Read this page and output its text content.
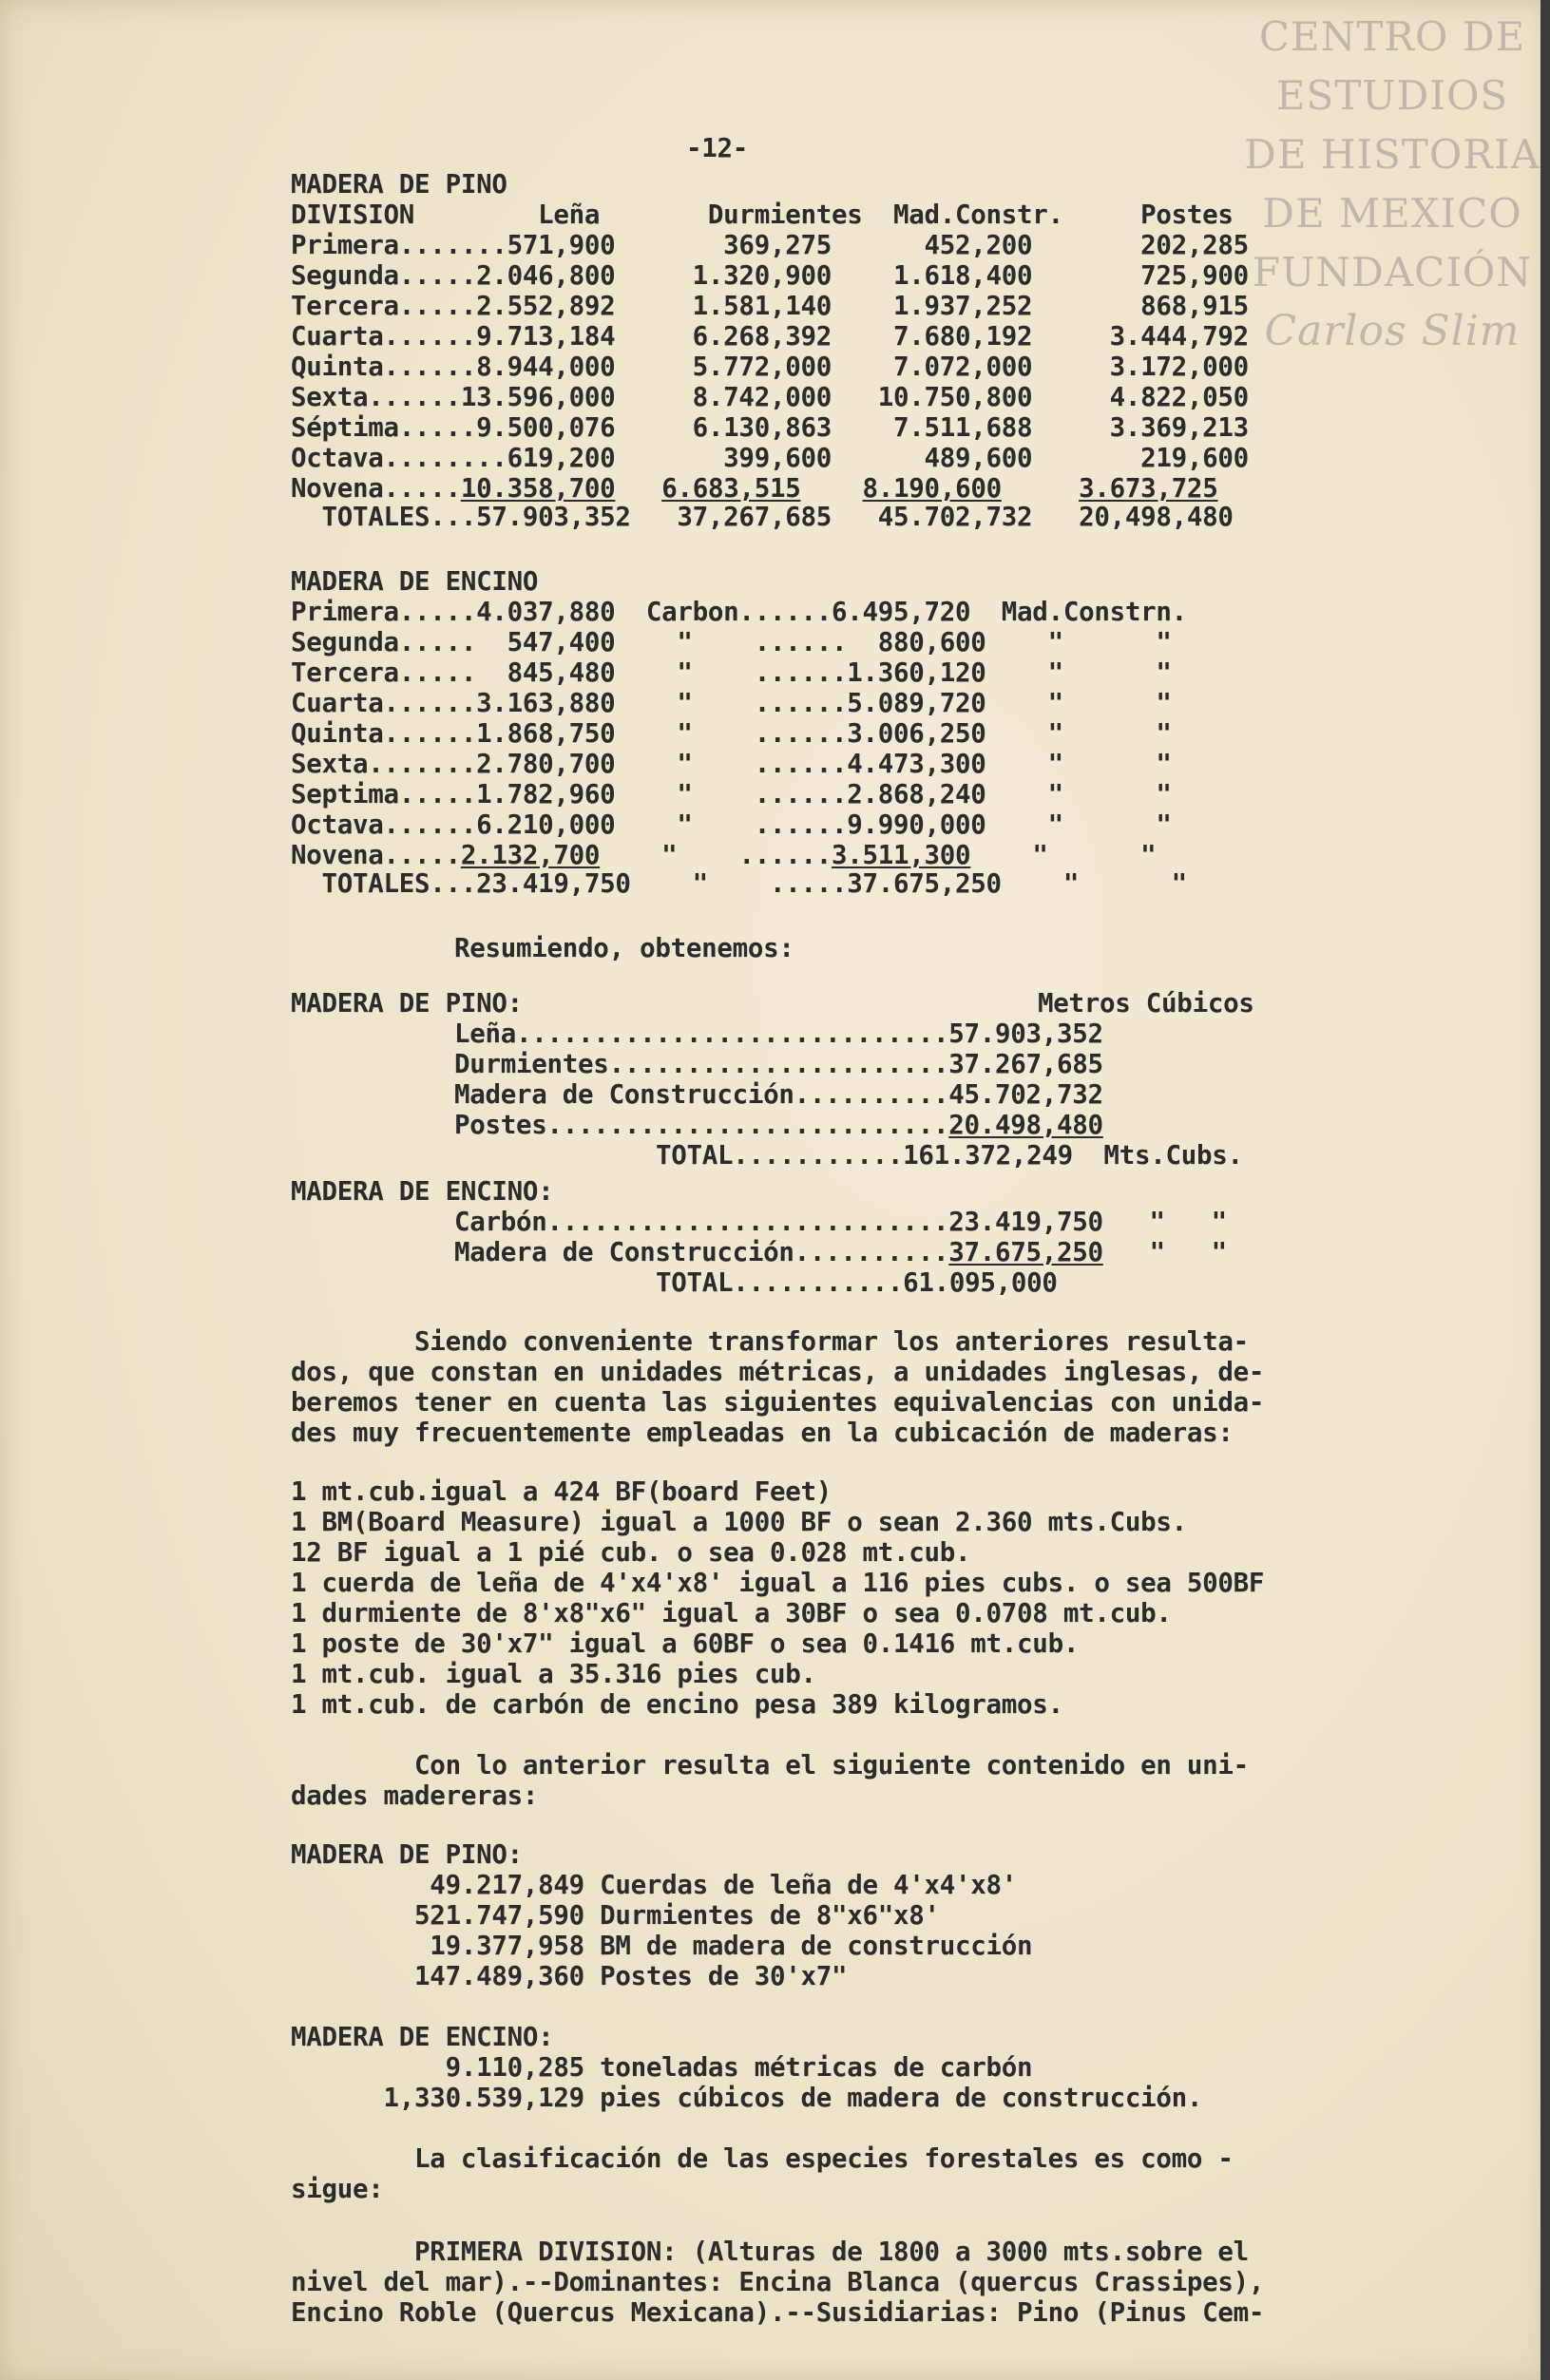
CENTRO DE
ESTUDIOS
DE HISTORIA
DE MEXICO
FUNDACIÓN
Carlos Slim
-12-
MADERA DE PINO
DIVISION        Leña       Durmientes  Mad.Constr.     Postes
Primera.......571,900       369,275      452,200       202,285
Segunda.....2.046,800     1.320,900    1.618,400       725,900
Tercera.....2.552,892     1.581,140    1.937,252       868,915
Cuarta......9.713,184     6.268,392    7.680,192     3.444,792
Quinta......8.944,000     5.772,000    7.072,000     3.172,000
Sexta......13.596,000     8.742,000   10.750,800     4.822,050
Séptima.....9.500,076     6.130,863    7.511,688     3.369,213
Octava........619,200       399,600      489,600       219,600
Novena.....10.358,700 6.683,515 8.190,600	3.673,725
TOTALES...57.903,352   37,267,685   45.702,732   20,498,480
MADERA DE ENCINO
Primera.....4.037,880  Carbon......6.495,720  Mad.Constrn.
Segunda.....  547,400    "    ......  880,600    "      "
Tercera.....  845,480    "    ......1.360,120    "      "
Cuarta......3.163,880    "    ......5.089,720    "      "
Quinta......1.868,750    "    ......3.006,250    "      "
Sexta.......2.780,700    "    ......4.473,300    "      "
Septima.....1.782,960    "    ......2.868,240    "      "
Octava......6.210,000    "    ......9.990,000    "      "
Novena.....2.132,700    "    ......3.511,300    "      "
TOTALES...23.419,750    "    .....37.675,250    "      "
Resumiendo, obtenemos:
MADERA DE PINO:	Metros Cúbicos
Leña............................57.903,352
Durmientes......................37.267,685
Madera de Construcción..........45.702,732
Postes..........................20.498,480
TOTAL...........161.372,249  Mts.Cubs.
MADERA DE ENCINO:
Carbón..........................23.419,750   "   "
Madera de Construcción..........37.675,250   "   "
TOTAL...........61.095,000
Siendo conveniente transformar los anteriores resulta-
dos, que constan en unidades métricas, a unidades inglesas, de-
beremos tener en cuenta las siguientes equivalencias con unida-
des muy frecuentemente empleadas en la cubicación de maderas:
1 mt.cub.igual a 424 BF(board Feet)
1 BM(Board Measure) igual a 1000 BF o sean 2.360 mts.Cubs.
12 BF igual a 1 pié cub. o sea 0.028 mt.cub.
1 cuerda de leña de 4'x4'x8' igual a 116 pies cubs. o sea 500BF
1 durmiente de 8'x8"x6" igual a 30BF o sea 0.0708 mt.cub.
1 poste de 30'x7" igual a 60BF o sea 0.1416 mt.cub.
1 mt.cub. igual a 35.316 pies cub.
1 mt.cub. de carbón de encino pesa 389 kilogramos.
Con lo anterior resulta el siguiente contenido en uni-
dades madereras:
MADERA DE PINO:
49.217,849 Cuerdas de leña de 4'x4'x8'
521.747,590 Durmientes de 8"x6"x8'
19.377,958 BM de madera de construcción
147.489,360 Postes de 30'x7"
MADERA DE ENCINO:
9.110,285 toneladas métricas de carbón
1,330.539,129 pies cúbicos de madera de construcción.
La clasificación de las especies forestales es como -
sigue:
PRIMERA DIVISION: (Alturas de 1800 a 3000 mts.sobre el
nivel del mar).--Dominantes: Encina Blanca (quercus Crassipes),
Encino Roble (Quercus Mexicana).--Susidiarias: Pino (Pinus Cem-
